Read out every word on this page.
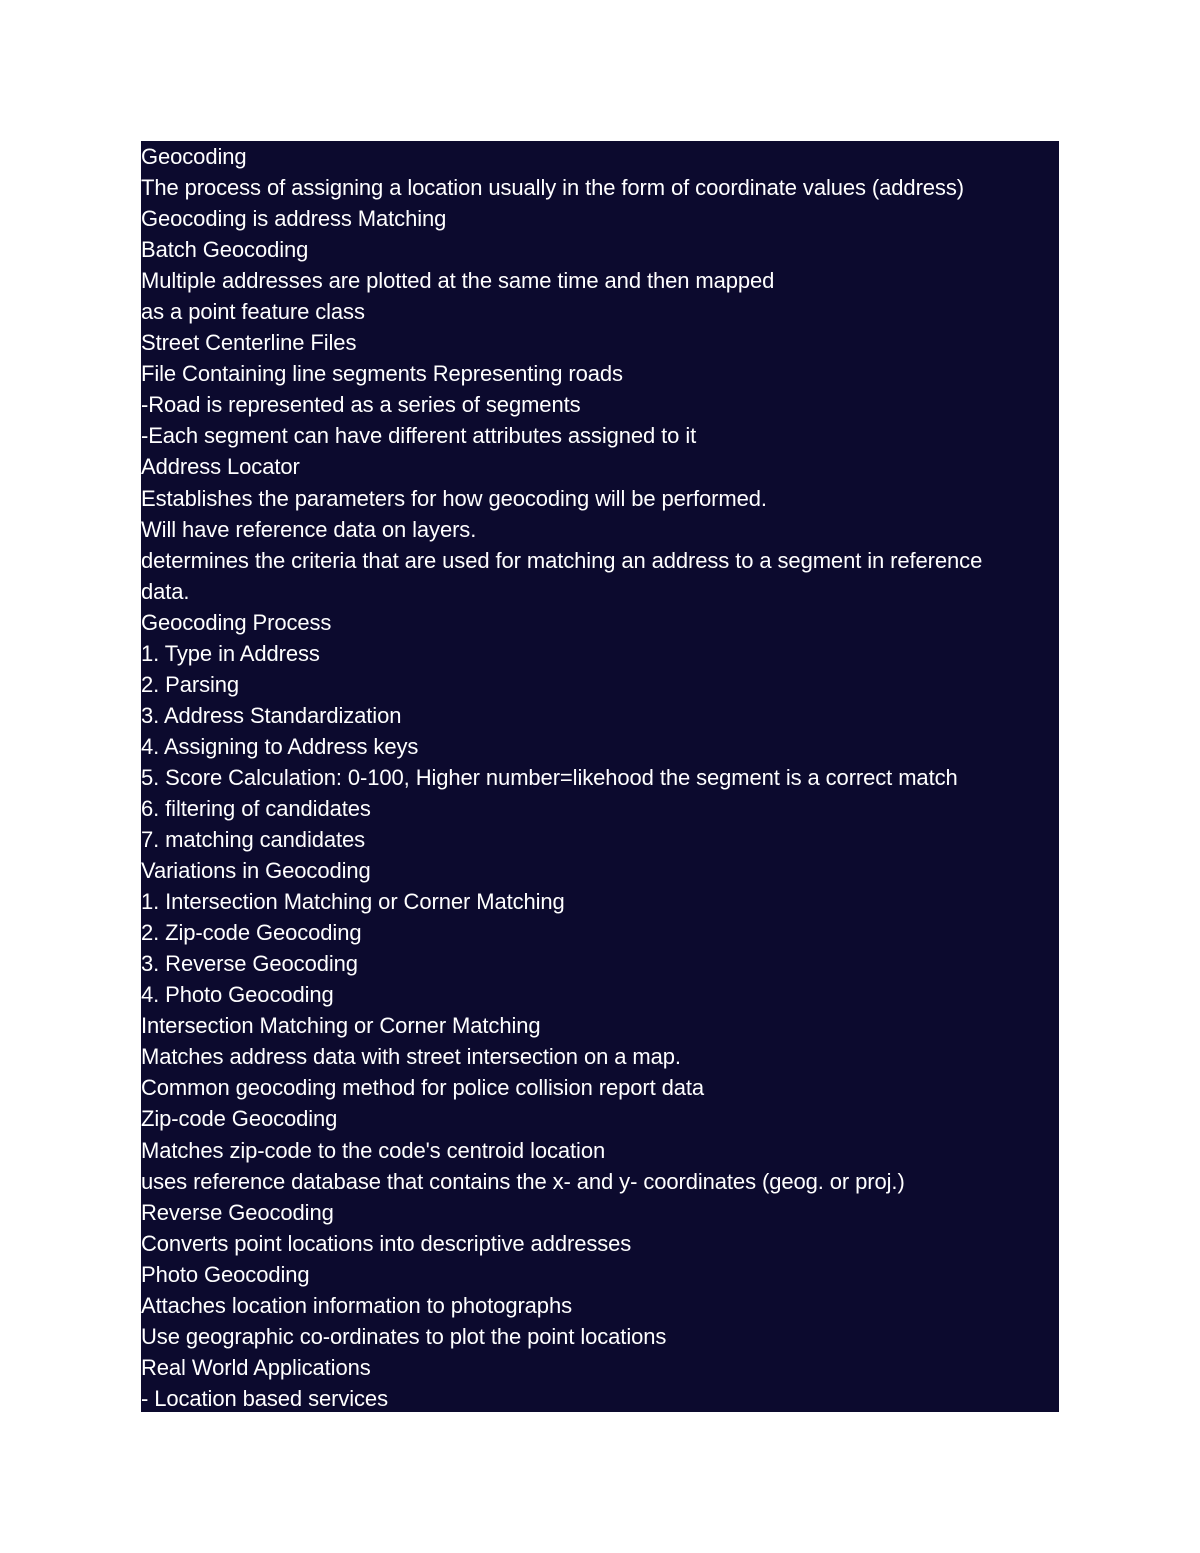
Geocoding

The process of assigning a location usually in the form of coordinate values (address)

Geocoding is address Matching

Batch Geocoding

Multiple addresses are plotted at the same time and then mapped

as a point feature class

Street Centerline Files

File Containing line segments Representing roads

-Road is represented as a series of segments

-Each segment can have different attributes assigned to it

Address Locator

Establishes the parameters for how geocoding will be performed.

Will have reference data on layers.

determines the criteria that are used for matching an address to a segment in reference

data.

Geocoding Process

1. Type in Address

2. Parsing

3. Address Standardization

4. Assigning to Address keys

5. Score Calculation: 0-100, Higher number=likehood the segment is a correct match

6. filtering of candidates

7. matching candidates

Variations in Geocoding

1. Intersection Matching or Corner Matching

2. Zip-code Geocoding

3. Reverse Geocoding

4. Photo Geocoding

Intersection Matching or Corner Matching

Matches address data with street intersection on a map.

Common geocoding method for police collision report data

Zip-code Geocoding

Matches zip-code to the code's centroid location

uses reference database that contains the x- and y- coordinates (geog. or proj.)

Reverse Geocoding

Converts point locations into descriptive addresses

Photo Geocoding

Attaches location information to photographs

Use geographic co-ordinates to plot the point locations

Real World Applications

- Location based services
